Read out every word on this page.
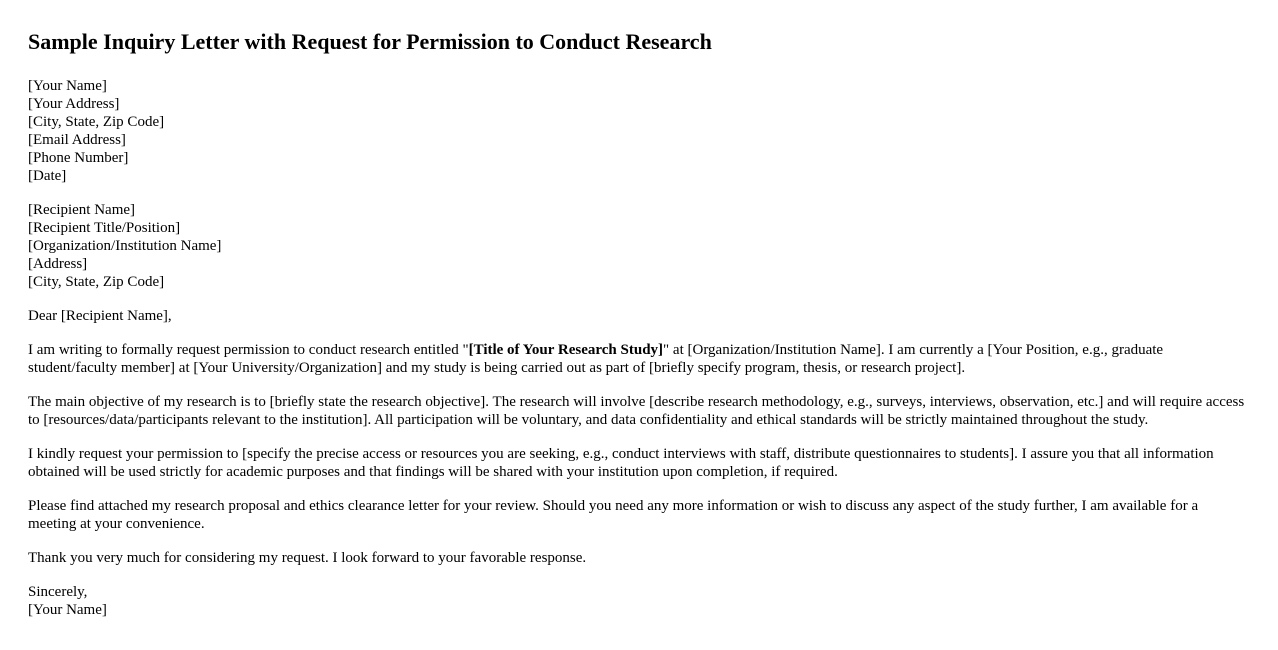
Sample Inquiry Letter with Request for Permission to Conduct Research
[Your Name]
[Your Address]
[City, State, Zip Code]
[Email Address]
[Phone Number]
[Date]
[Recipient Name]
[Recipient Title/Position]
[Organization/Institution Name]
[Address]
[City, State, Zip Code]

Dear [Recipient Name],

I am writing to formally request permission to conduct research entitled "[Title of Your Research Study]" at [Organization/Institution Name]. I am currently a [Your Position, e.g., graduate student/faculty member] at [Your University/Organization] and my study is being carried out as part of [briefly specify program, thesis, or research project].

The main objective of my research is to [briefly state the research objective]. The research will involve [describe research methodology, e.g., surveys, interviews, observation, etc.] and will require access to [resources/data/participants relevant to the institution]. All participation will be voluntary, and data confidentiality and ethical standards will be strictly maintained throughout the study.

I kindly request your permission to [specify the precise access or resources you are seeking, e.g., conduct interviews with staff, distribute questionnaires to students]. I assure you that all information obtained will be used strictly for academic purposes and that findings will be shared with your institution upon completion, if required.

Please find attached my research proposal and ethics clearance letter for your review. Should you need any more information or wish to discuss any aspect of the study further, I am available for a meeting at your convenience.

Thank you very much for considering my request. I look forward to your favorable response.

Sincerely,
[Your Name]
